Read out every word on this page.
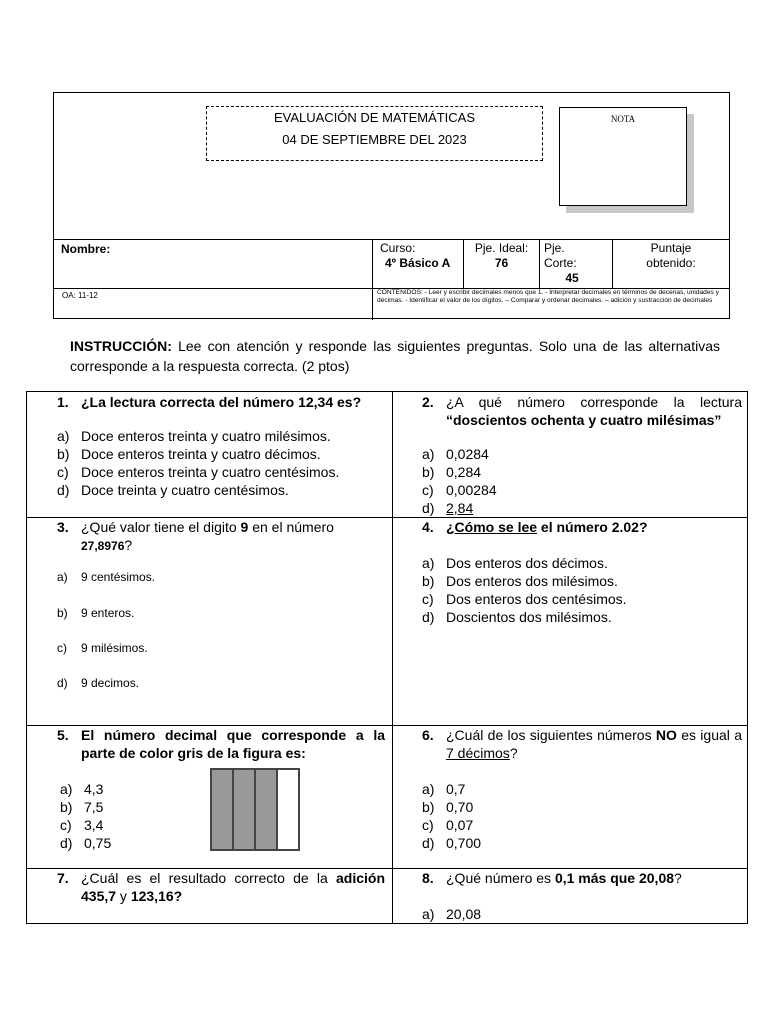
EVALUACIÓN DE MATEMÁTICAS
04 DE SEPTIEMBRE DEL 2023
NOTA
Nombre:	Curso:
4º Básico A
Pje. Ideal:
76
Pje. Corte:
45
Puntaje obtenido:
OA: 11-12	CONTENIDOS: - Leer y escribir decimales menos que 1. - Interpretar decimales en términos de decenas, unidades y décimas. - Identificar el valor de los dígitos. – Comparar y ordenar decimales. – adición y sustracción de decimales
INSTRUCCIÓN: Lee con atención y responde las siguientes preguntas. Solo una de las alternativas corresponde a la respuesta correcta. (2 ptos)
1. ¿La lectura correcta del número 12,34 es?
a) Doce enteros treinta y cuatro milésimos.
b) Doce enteros treinta y cuatro décimos.
c) Doce enteros treinta y cuatro centésimos.
d) Doce treinta y cuatro centésimos.
2. ¿A qué número corresponde la lectura
“doscientos ochenta y cuatro milésimas”
a) 0,0284
b) 0,284
c) 0,00284
d) 2,84
3. ¿Qué valor tiene el digito 9 en el número
27,8976?
a) 9 centésimos.
b) 9 enteros.
c) 9 milésimos.
d) 9 decimos.
4. ¿Cómo se lee el número 2.02?
a) Dos enteros dos décimos.
b) Dos enteros dos milésimos.
c) Dos enteros dos centésimos.
d) Doscientos dos milésimos.
5. El número decimal que corresponde a la parte de color gris de la figura es:
a) 4,3
b) 7,5
c) 3,4
d) 0,75
6. ¿Cuál de los siguientes números NO es igual a 7 décimos?
a) 0,7
b) 0,70
c) 0,07
d) 0,700
7. ¿Cuál es el resultado correcto de la adición 435,7 y 123,16?
8. ¿Qué número es 0,1 más que 20,08?
a) 20,08
